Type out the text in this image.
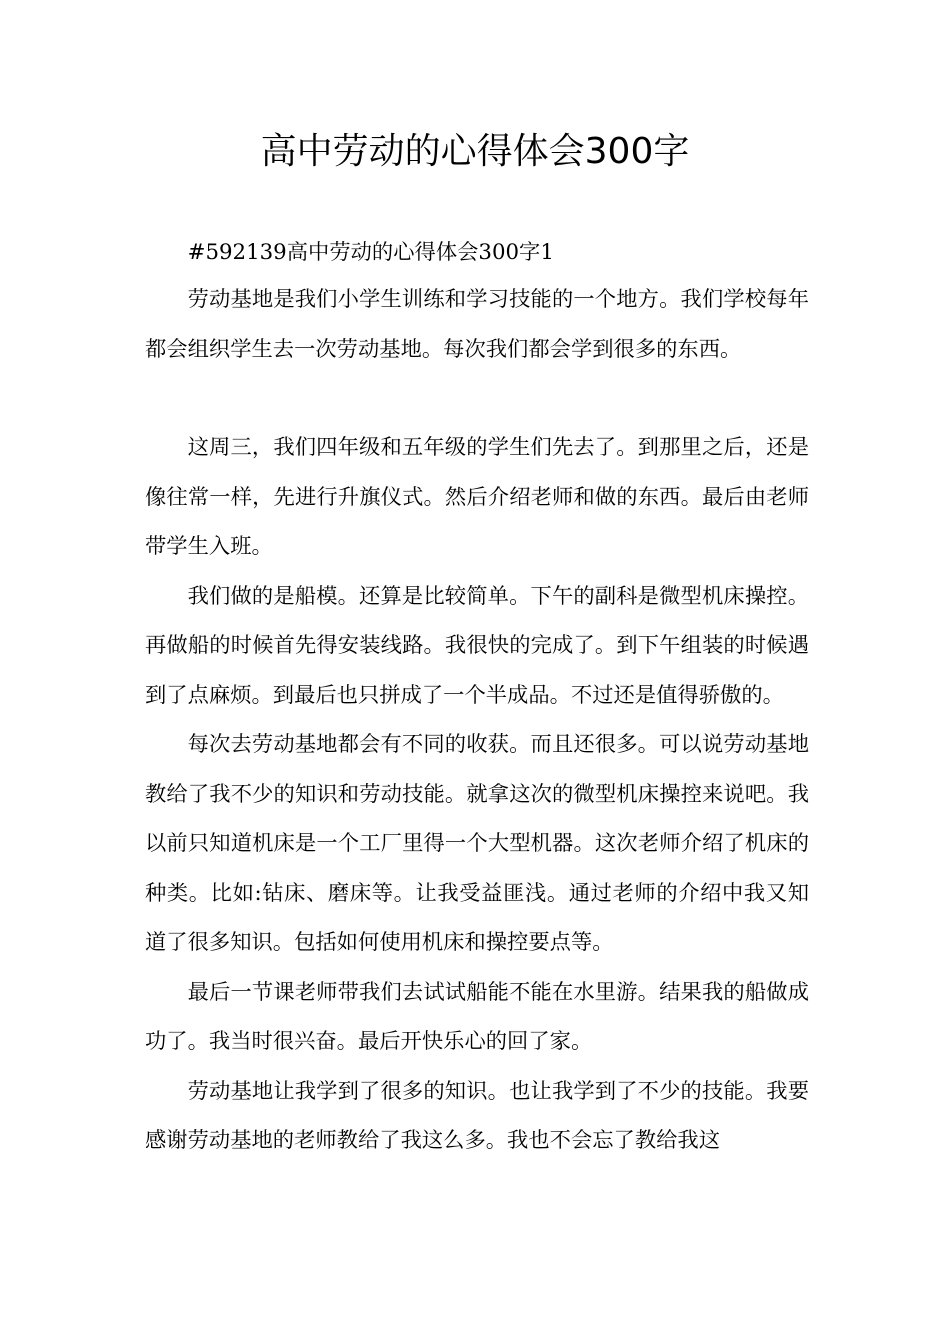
高中劳动的心得体会300字

#592139高中劳动的心得体会300字1

劳动基地是我们小学生训练和学习技能的一个地方。我们学校每年都会组织学生去一次劳动基地。每次我们都会学到很多的东西。

这周三，我们四年级和五年级的学生们先去了。到那里之后，还是像往常一样，先进行升旗仪式。然后介绍老师和做的东西。最后由老师带学生入班。

我们做的是船模。还算是比较简单。下午的副科是微型机床操控。再做船的时候首先得安装线路。我很快的完成了。到下午组装的时候遇到了点麻烦。到最后也只拼成了一个半成品。不过还是值得骄傲的。

每次去劳动基地都会有不同的收获。而且还很多。可以说劳动基地教给了我不少的知识和劳动技能。就拿这次的微型机床操控来说吧。我以前只知道机床是一个工厂里得一个大型机器。这次老师介绍了机床的种类。比如:钻床、磨床等。让我受益匪浅。通过老师的介绍中我又知道了很多知识。包括如何使用机床和操控要点等。

最后一节课老师带我们去试试船能不能在水里游。结果我的船做成功了。我当时很兴奋。最后开快乐心的回了家。

劳动基地让我学到了很多的知识。也让我学到了不少的技能。我要感谢劳动基地的老师教给了我这么多。我也不会忘了教给我这
